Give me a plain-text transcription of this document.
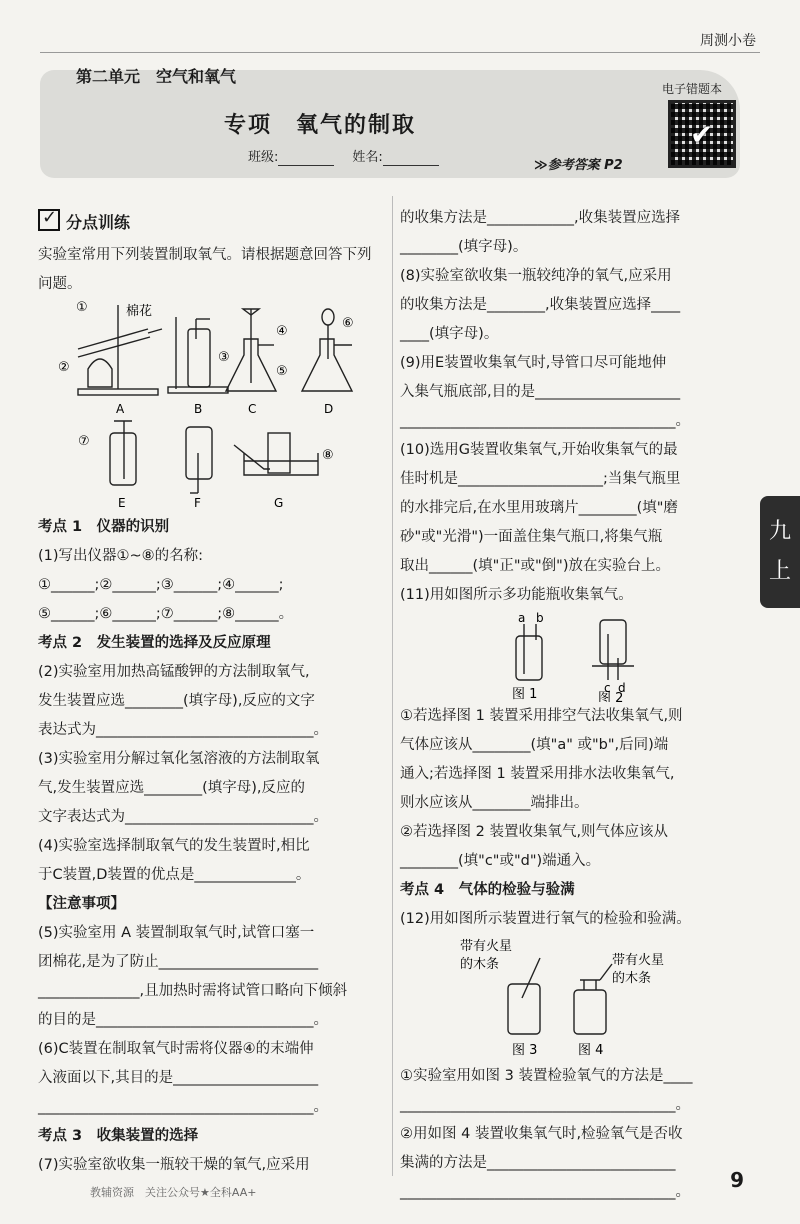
周测小卷
第二单元　空气和氧气
专项　氧气的制取
班级:	姓名:
≫参考答案 P2
电子错题本
✔

✓ 分点训练

实验室常用下列装置制取氧气。请根据题意回答下列问题。

①	棉花
②
③
④
⑤
⑥
⑦
⑧
A	B	C	D
E	F	G

考点 1　仪器的识别

(1)写出仪器①~⑧的名称:

①______;②______;③______;④______;

⑤______;⑥______;⑦______;⑧______。

考点 2　发生装置的选择及反应原理

(2)实验室用加热高锰酸钾的方法制取氧气,

发生装置应选________(填字母),反应的文字

表达式为______________________________。

(3)实验室用分解过氧化氢溶液的方法制取氧

气,发生装置应选________(填字母),反应的

文字表达式为__________________________。

(4)实验室选择制取氧气的发生装置时,相比

于C装置,D装置的优点是______________。

【注意事项】

(5)实验室用 A 装置制取氧气时,试管口塞一

团棉花,是为了防止______________________

______________,且加热时需将试管口略向下倾斜

的目的是______________________________。

(6)C装置在制取氧气时需将仪器④的末端伸

入液面以下,其目的是____________________

______________________________________。

考点 3　收集装置的选择

(7)实验室欲收集一瓶较干燥的氧气,应采用

的收集方法是____________,收集装置应选择

________(填字母)。

(8)实验室欲收集一瓶较纯净的氧气,应采用

的收集方法是________,收集装置应选择____

____(填字母)。

(9)用E装置收集氧气时,导管口尽可能地伸

入集气瓶底部,目的是____________________

______________________________________。

(10)选用G装置收集氧气,开始收集氧气的最

佳时机是____________________;当集气瓶里

的水排完后,在水里用玻璃片________(填"磨

砂"或"光滑")一面盖住集气瓶口,将集气瓶

取出______(填"正"或"倒")放在实验台上。

(11)用如图所示多功能瓶收集氧气。

a b
c d
图 1	图 2

①若选择图 1 装置采用排空气法收集氧气,则

气体应该从________(填"a" 或"b",后同)端

通入;若选择图 1 装置采用排水法收集氧气,

则水应该从________端排出。

②若选择图 2 装置收集氧气,则气体应该从

________(填"c"或"d")端通入。

考点 4　气体的检验与验满

(12)用如图所示装置进行氧气的检验和验满。

带有火星
的木条	带有火星
的木条
图 3	图 4

①实验室用如图 3 装置检验氧气的方法是____

______________________________________。

②用如图 4 装置收集氧气时,检验氧气是否收

集满的方法是__________________________

______________________________________。

九上
9
教辅资源　关注公众号★全科AA+
